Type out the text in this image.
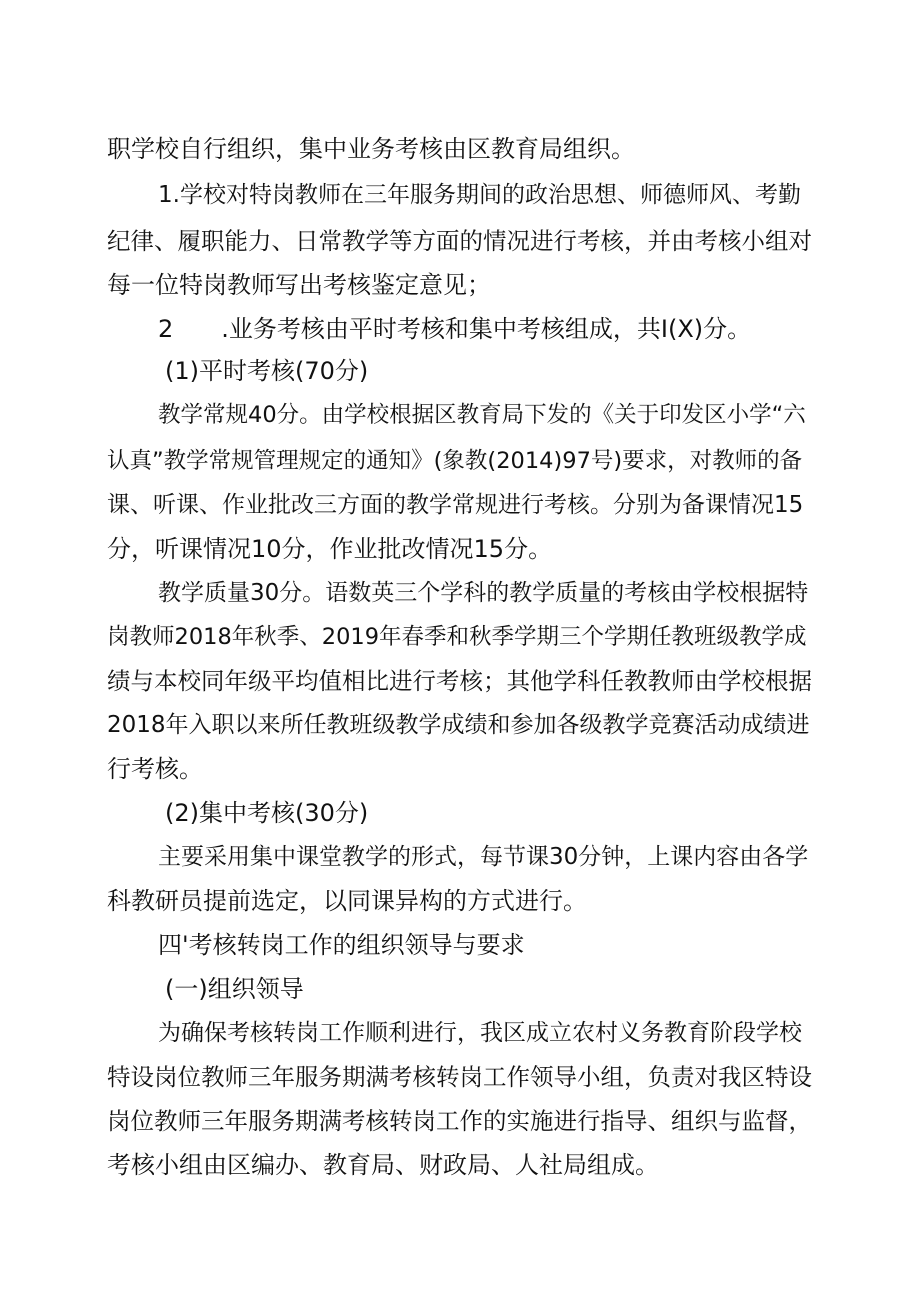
职学校自行组织，集中业务考核由区教育局组织。
1.学校对特岗教师在三年服务期间的政治思想、师德师风、考勤
纪律、履职能力、日常教学等方面的情况进行考核，并由考核小组对
每一位特岗教师写出考核鉴定意见；
2　　.业务考核由平时考核和集中考核组成，共I(X)分。
(1)平时考核(70分)
教学常规40分。由学校根据区教育局下发的《关于印发区小学“六
认真”教学常规管理规定的通知》(象教(2014)97号)要求，对教师的备
课、听课、作业批改三方面的教学常规进行考核。分别为备课情况15
分，听课情况10分，作业批改情况15分。
教学质量30分。语数英三个学科的教学质量的考核由学校根据特
岗教师2018年秋季、2019年春季和秋季学期三个学期任教班级教学成
绩与本校同年级平均值相比进行考核；其他学科任教教师由学校根据
2018年入职以来所任教班级教学成绩和参加各级教学竞赛活动成绩进
行考核。
(2)集中考核(30分)
主要采用集中课堂教学的形式，每节课30分钟，上课内容由各学
科教研员提前选定，以同课异构的方式进行。
四'考核转岗工作的组织领导与要求
(一)组织领导
为确保考核转岗工作顺利进行，我区成立农村义务教育阶段学校
特设岗位教师三年服务期满考核转岗工作领导小组，负责对我区特设
岗位教师三年服务期满考核转岗工作的实施进行指导、组织与监督，
考核小组由区编办、教育局、财政局、人社局组成。
